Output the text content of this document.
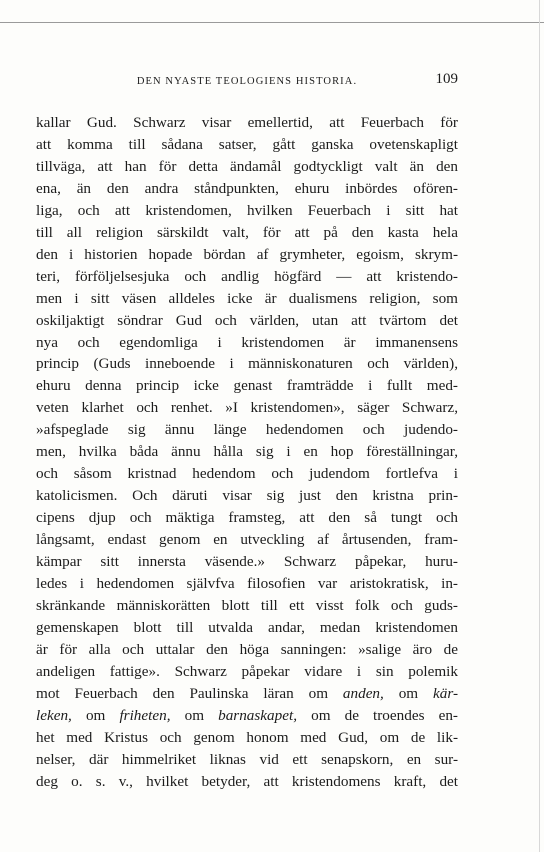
DEN NYASTE TEOLOGIENS HISTORIA.	109
kallar Gud. Schwarz visar emellertid, att Feuerbach för
att komma till sådana satser, gått ganska ovetenskapligt
tillväga, att han för detta ändamål godtyckligt valt än den
ena, än den andra ståndpunkten, ehuru inbördes ofören-
liga, och att kristendomen, hvilken Feuerbach i sitt hat
till all religion särskildt valt, för att på den kasta hela
den i historien hopade bördan af grymheter, egoism, skrym-
teri, förföljelsesjuka och andlig högfärd — att kristendo-
men i sitt väsen alldeles icke är dualismens religion, som
oskiljaktigt söndrar Gud och världen, utan att tvärtom det
nya och egendomliga i kristendomen är immanensens
princip (Guds inneboende i människonaturen och världen),
ehuru denna princip icke genast framträdde i fullt med-
veten klarhet och renhet. »I kristendomen», säger Schwarz,
»afspeglade sig ännu länge hedendomen och judendo-
men, hvilka båda ännu hålla sig i en hop föreställningar,
och såsom kristnad hedendom och judendom fortlefva i
katolicismen. Och däruti visar sig just den kristna prin-
cipens djup och mäktiga framsteg, att den så tungt och
långsamt, endast genom en utveckling af årtusenden, fram-
kämpar sitt innersta väsende.» Schwarz påpekar, huru-
ledes i hedendomen självfva filosofien var aristokratisk, in-
skränkande människorätten blott till ett visst folk och guds-
gemenskapen blott till utvalda andar, medan kristendomen
är för alla och uttalar den höga sanningen: »salige äro de
andeligen fattige». Schwarz påpekar vidare i sin polemik
mot Feuerbach den Paulinska läran om anden, om kär-
leken, om friheten, om barnaskapet, om de troendes en-
het med Kristus och genom honom med Gud, om de lik-
nelser, där himmelriket liknas vid ett senapskorn, en sur-
deg o. s. v., hvilket betyder, att kristendomens kraft, det
